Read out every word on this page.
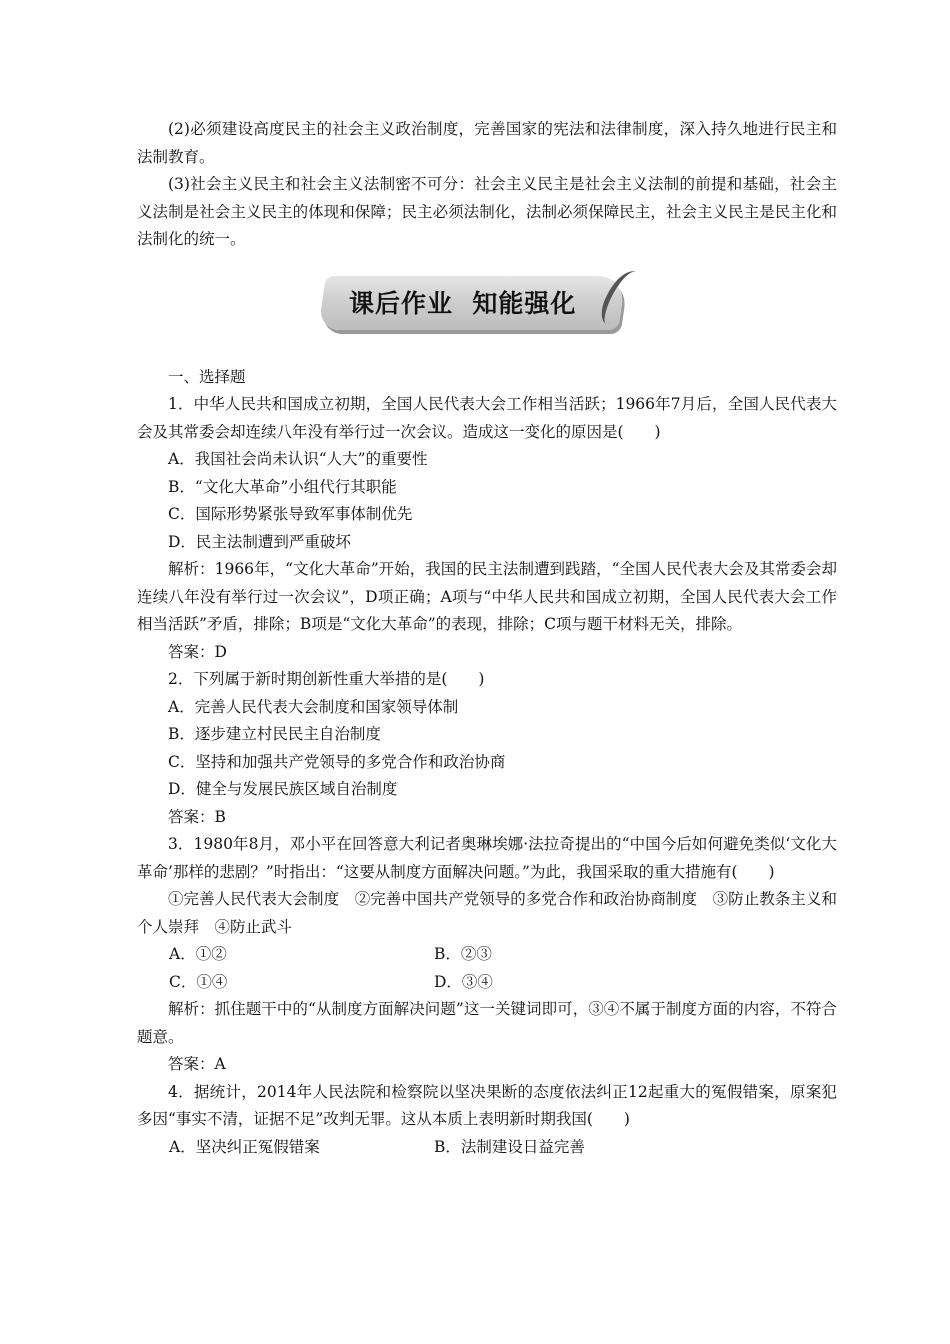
(2)必须建设高度民主的社会主义政治制度，完善国家的宪法和法律制度，深入持久地进行民主和法制教育。

(3)社会主义民主和社会主义法制密不可分：社会主义民主是社会主义法制的前提和基础，社会主义法制是社会主义民主的体现和保障；民主必须法制化，法制必须保障民主，社会主义民主是民主化和法制化的统一。

课后作业  知能强化

一、选择题

1．中华人民共和国成立初期，全国人民代表大会工作相当活跃；1966年7月后，全国人民代表大会及其常委会却连续八年没有举行过一次会议。造成这一变化的原因是(　　)

A．我国社会尚未认识“人大”的重要性

B．“文化大革命”小组代行其职能

C．国际形势紧张导致军事体制优先

D．民主法制遭到严重破坏

解析：1966年，“文化大革命”开始，我国的民主法制遭到践踏，“全国人民代表大会及其常委会却连续八年没有举行过一次会议”，D项正确；A项与“中华人民共和国成立初期，全国人民代表大会工作相当活跃”矛盾，排除；B项是“文化大革命”的表现，排除；C项与题干材料无关，排除。

答案：D

2．下列属于新时期创新性重大举措的是(　　)

A．完善人民代表大会制度和国家领导体制

B．逐步建立村民民主自治制度

C．坚持和加强共产党领导的多党合作和政治协商

D．健全与发展民族区域自治制度

答案：B

3．1980年8月，邓小平在回答意大利记者奥琳埃娜·法拉奇提出的“中国今后如何避免类似‘文化大革命’那样的悲剧？”时指出：“这要从制度方面解决问题。”为此，我国采取的重大措施有(　　)

①完善人民代表大会制度　②完善中国共产党领导的多党合作和政治协商制度　③防止教条主义和个人崇拜　④防止武斗

A．①②	B．②③
C．①④	D．③④

解析：抓住题干中的“从制度方面解决问题”这一关键词即可，③④不属于制度方面的内容，不符合题意。

答案：A

4．据统计，2014年人民法院和检察院以坚决果断的态度依法纠正12起重大的冤假错案，原案犯多因“事实不清，证据不足”改判无罪。这从本质上表明新时期我国(　　)

A．坚决纠正冤假错案	B．法制建设日益完善
